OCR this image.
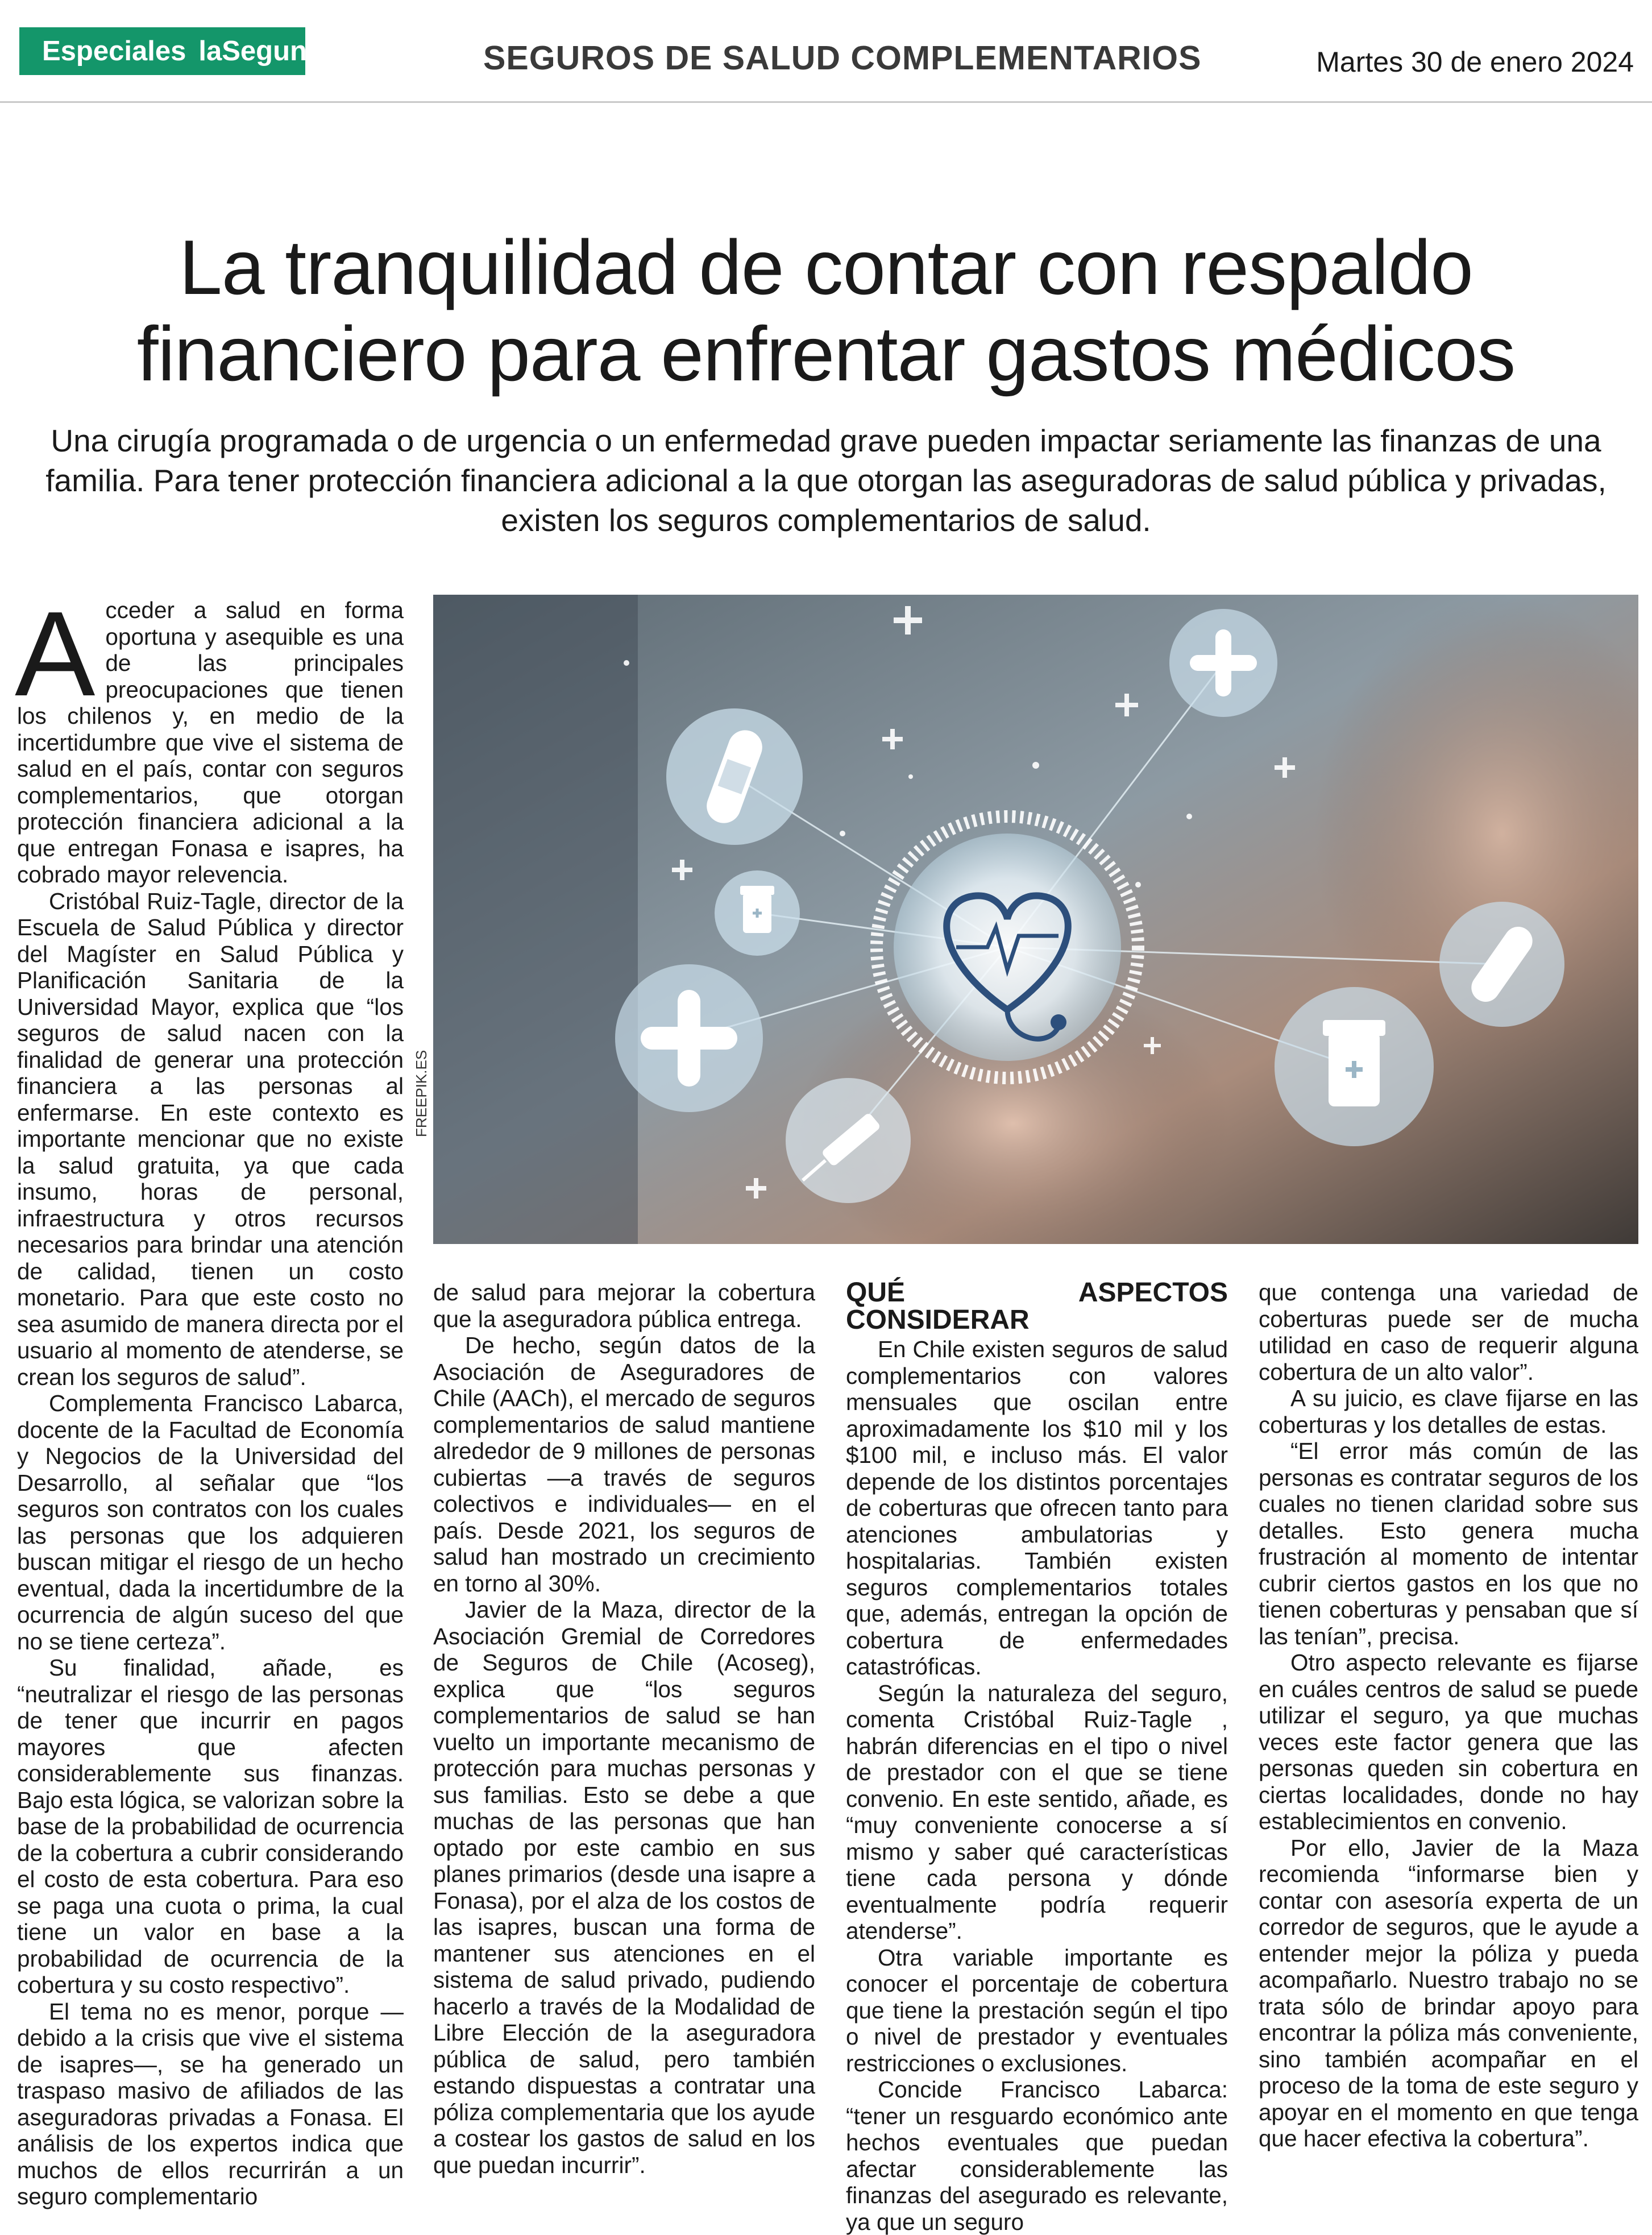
Especiales laSegunda	SEGUROS DE SALUD COMPLEMENTARIOS	Martes 30 de enero 2024
La tranquilidad de contar con respaldo
financiero para enfrentar gastos médicos
Una cirugía programada o de urgencia o un enfermedad grave pueden impactar seriamente las finanzas de una familia. Para tener protección financiera adicional a la que otorgan las aseguradoras de salud pública y privadas, existen los seguros complementarios de salud.

Acceder a salud en forma oportuna y asequible es una de las principales preocupaciones que tienen los chilenos y, en medio de la incertidumbre que vive el sistema de salud en el país, contar con seguros complementarios, que otorgan protección financiera adicional a la que entregan Fonasa e isapres, ha cobrado mayor relevencia.

Cristóbal Ruiz-Tagle, director de la Escuela de Salud Pública y director del Magíster en Salud Pública y Planificación Sanitaria de la Universidad Mayor, explica que “los seguros de salud nacen con la finalidad de generar una protección financiera a las personas al enfermarse. En este contexto es importante mencionar que no existe la salud gratuita, ya que cada insumo, horas de personal, infraestructura y otros recursos necesarios para brindar una atención de calidad, tienen un costo monetario. Para que este costo no sea asumido de manera directa por el usuario al momento de atenderse, se crean los seguros de salud”.

Complementa Francisco Labarca, docente de la Facultad de Economía y Negocios de la Universidad del Desarrollo, al señalar que “los seguros son contratos con los cuales las personas que los adquieren buscan mitigar el riesgo de un hecho eventual, dada la incertidumbre de la ocurrencia de algún suceso del que no se tiene certeza”.

Su finalidad, añade, es “neutralizar el riesgo de las personas de tener que incurrir en pagos mayores que afecten considerablemente sus finanzas. Bajo esta lógica, se valorizan sobre la base de la probabilidad de ocurrencia de la cobertura a cubrir considerando el costo de esta cobertura. Para eso se paga una cuota o prima, la cual tiene un valor en base a la probabilidad de ocurrencia de la cobertura y su costo respectivo”.

El tema no es menor, porque —debido a la crisis que vive el sistema de isapres—, se ha generado un traspaso masivo de afiliados de las aseguradoras privadas a Fonasa. El análisis de los expertos indica que muchos de ellos recurrirán a un seguro complementario

FREEPIK.ES

de salud para mejorar la cobertura que la aseguradora pública entrega.

De hecho, según datos de la Asociación de Aseguradores de Chile (AACh), el mercado de seguros complementarios de salud mantiene alrededor de 9 millones de personas cubiertas —a través de seguros colectivos e individuales— en el país. Desde 2021, los seguros de salud han mostrado un crecimiento en torno al 30%.

Javier de la Maza, director de la Asociación Gremial de Corredores de Seguros de Chile (Acoseg), explica que “los seguros complementarios de salud se han vuelto un importante mecanismo de protección para muchas personas y sus familias. Esto se debe a que muchas de las personas que han optado por este cambio en sus planes primarios (desde una isapre a Fonasa), por el alza de los costos de las isapres, buscan una forma de mantener sus atenciones en el sistema de salud privado, pudiendo hacerlo a través de la Modalidad de Libre Elección de la aseguradora pública de salud, pero también estando dispuestas a contratar una póliza complementaria que los ayude a costear los gastos de salud en los que puedan incurrir”.

QUÉ ASPECTOS CONSIDERAR

En Chile existen seguros de salud complementarios con valores mensuales que oscilan entre aproximadamente los $10 mil y los $100 mil, e incluso más. El valor depende de los distintos porcentajes de coberturas que ofrecen tanto para atenciones ambulatorias y hospitalarias. También existen seguros complementarios totales que, además, entregan la opción de cobertura de enfermedades catastróficas.

Según la naturaleza del seguro, comenta Cristóbal Ruiz-Tagle , habrán diferencias en el tipo o nivel de prestador con el que se tiene convenio. En este sentido, añade, es “muy conveniente conocerse a sí mismo y saber qué características tiene cada persona y dónde eventualmente podría requerir atenderse”.

Otra variable importante es conocer el porcentaje de cobertura que tiene la prestación según el tipo o nivel de prestador y eventuales restricciones o exclusiones.

Concide Francisco Labarca: “tener un resguardo económico ante hechos eventuales que puedan afectar considerablemente las finanzas del asegurado es relevante, ya que un seguro

que contenga una variedad de coberturas puede ser de mucha utilidad en caso de requerir alguna cobertura de un alto valor”.

A su juicio, es clave fijarse en las coberturas y los detalles de estas.

“El error más común de las personas es contratar seguros de los cuales no tienen claridad sobre sus detalles. Esto genera mucha frustración al momento de intentar cubrir ciertos gastos en los que no tienen coberturas y pensaban que sí las tenían”, precisa.

Otro aspecto relevante es fijarse en cuáles centros de salud se puede utilizar el seguro, ya que muchas veces este factor genera que las personas queden sin cobertura en ciertas localidades, donde no hay establecimientos en convenio.

Por ello, Javier de la Maza recomienda “informarse bien y contar con asesoría experta de un corredor de seguros, que le ayude a entender mejor la póliza y pueda acompañarlo. Nuestro trabajo no se trata sólo de brindar apoyo para encontrar la póliza más conveniente, sino también acompañar en el proceso de la toma de este seguro y apoyar en el momento en que tenga que hacer efectiva la cobertura”.
